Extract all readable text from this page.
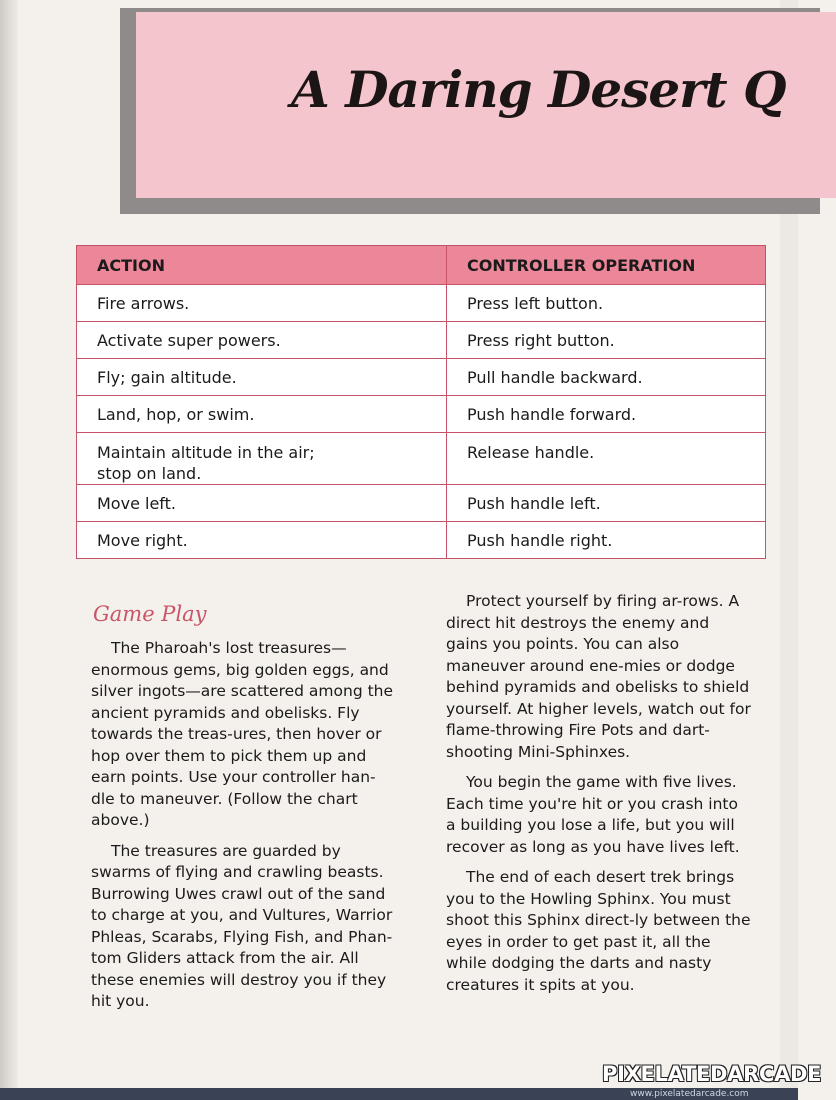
A Daring Desert Q
ACTION	CONTROLLER OPERATION
Fire arrows.	Press left button.
Activate super powers.	Press right button.
Fly; gain altitude.	Pull handle backward.
Land, hop, or swim.	Push handle forward.
Maintain altitude in the air;
stop on land.	Release handle.
Move left.	Push handle left.
Move right.	Push handle right.
Game Play

The Pharoah's lost treasures—enormous gems, big golden eggs, and silver ingots—are scattered among the ancient pyramids and obelisks. Fly towards the treas-ures, then hover or hop over them to pick them up and earn points. Use your controller han-dle to maneuver. (Follow the chart above.)

The treasures are guarded by swarms of flying and crawling beasts. Burrowing Uwes crawl out of the sand to charge at you, and Vultures, Warrior Phleas, Scarabs, Flying Fish, and Phan-tom Gliders attack from the air. All these enemies will destroy you if they hit you.

Protect yourself by firing ar-rows. A direct hit destroys the enemy and gains you points. You can also maneuver around ene-mies or dodge behind pyramids and obelisks to shield yourself. At higher levels, watch out for flame-throwing Fire Pots and dart-shooting Mini-Sphinxes.

You begin the game with five lives. Each time you're hit or you crash into a building you lose a life, but you will recover as long as you have lives left.

The end of each desert trek brings you to the Howling Sphinx. You must shoot this Sphinx direct-ly between the eyes in order to get past it, all the while dodging the darts and nasty creatures it spits at you.

PIXELATEDARCADE
www.pixelatedarcade.com
